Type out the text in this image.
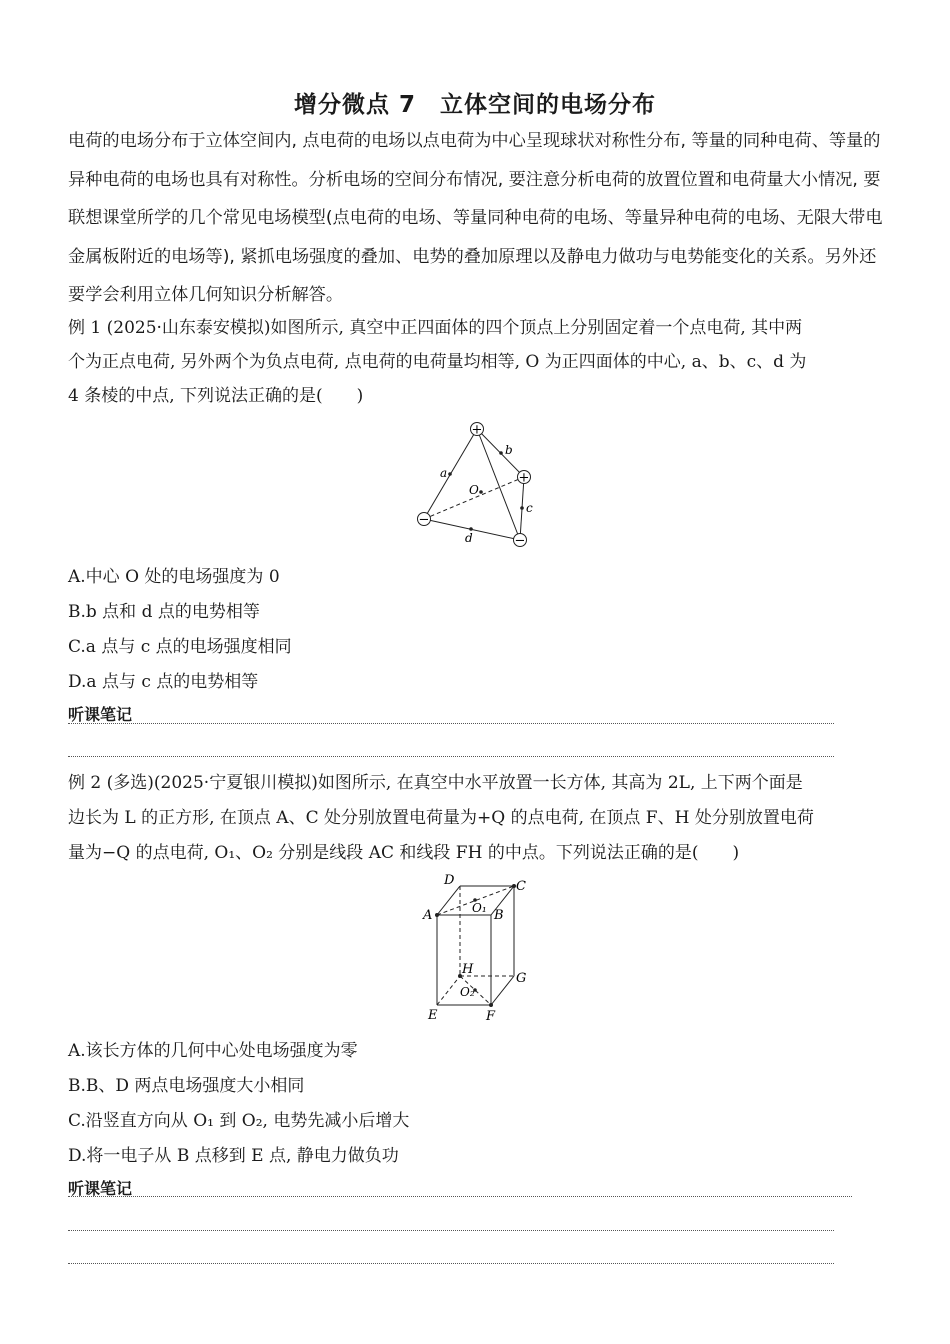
增分微点 7　立体空间的电场分布
电荷的电场分布于立体空间内, 点电荷的电场以点电荷为中心呈现球状对称性分布, 等量的同种电荷、等量的异种电荷的电场也具有对称性。分析电场的空间分布情况, 要注意分析电荷的放置位置和电荷量大小情况, 要联想课堂所学的几个常见电场模型(点电荷的电场、等量同种电荷的电场、等量异种电荷的电场、无限大带电金属板附近的电场等), 紧抓电场强度的叠加、电势的叠加原理以及静电力做功与电势能变化的关系。另外还要学会利用立体几何知识分析解答。
例 1 (2025·山东泰安模拟)如图所示, 真空中正四面体的四个顶点上分别固定着一个点电荷, 其中两
个为正点电荷, 另外两个为负点电荷, 点电荷的电荷量均相等, O 为正四面体的中心, a、b、c、d 为
4 条棱的中点, 下列说法正确的是(　　)
+
+
−
−
a
b
c
d
O
A.中心 O 处的电场强度为 0
B.b 点和 d 点的电势相等
C.a 点与 c 点的电场强度相同
D.a 点与 c 点的电势相等
听课笔记
例 2 (多选)(2025·宁夏银川模拟)如图所示, 在真空中水平放置一长方体, 其高为 2L, 上下两个面是
边长为 L 的正方形, 在顶点 A、C 处分别放置电荷量为+Q 的点电荷, 在顶点 F、H 处分别放置电荷
量为−Q 的点电荷, O₁、O₂ 分别是线段 AC 和线段 FH 的中点。下列说法正确的是(　　)
D	C
A	B
O₁
H
G
O₂
E	F
A.该长方体的几何中心处电场强度为零
B.B、D 两点电场强度大小相同
C.沿竖直方向从 O₁ 到 O₂, 电势先减小后增大
D.将一电子从 B 点移到 E 点, 静电力做负功
听课笔记
